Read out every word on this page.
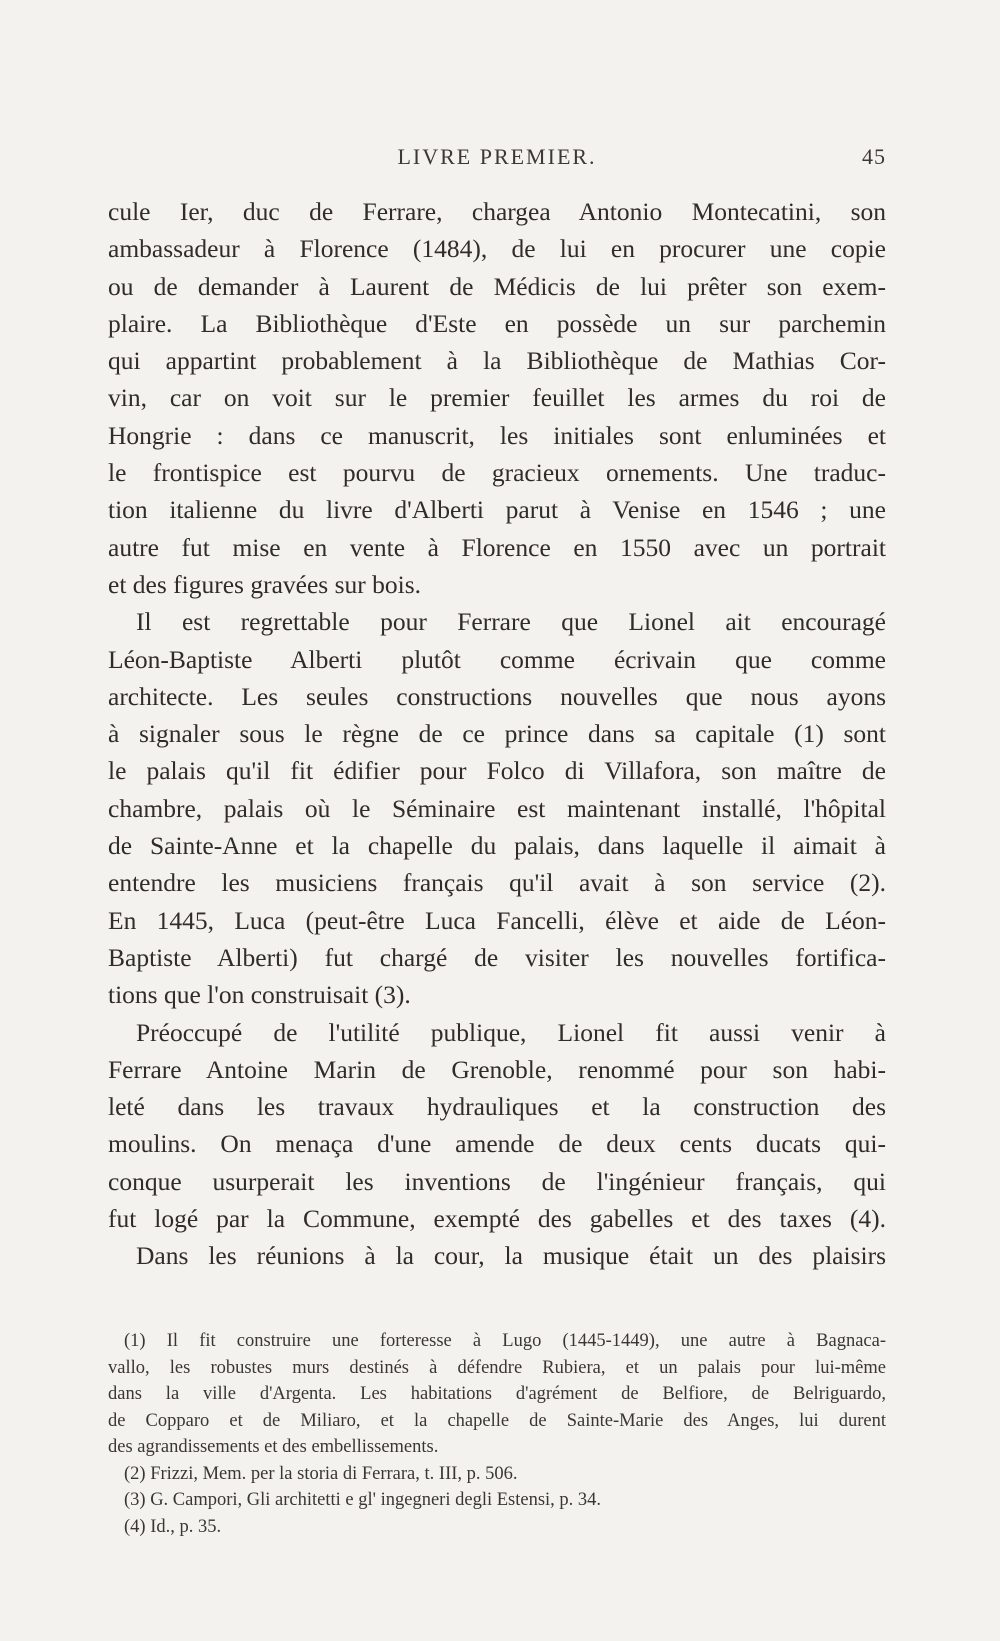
LIVRE PREMIER.	45
cule Ier, duc de Ferrare, chargea Antonio Montecatini, son
ambassadeur à Florence (1484), de lui en procurer une copie
ou de demander à Laurent de Médicis de lui prêter son exem-
plaire. La Bibliothèque d'Este en possède un sur parchemin
qui appartint probablement à la Bibliothèque de Mathias Cor-
vin, car on voit sur le premier feuillet les armes du roi de
Hongrie : dans ce manuscrit, les initiales sont enluminées et
le frontispice est pourvu de gracieux ornements. Une traduc-
tion italienne du livre d'Alberti parut à Venise en 1546 ; une
autre fut mise en vente à Florence en 1550 avec un portrait
et des figures gravées sur bois.
Il est regrettable pour Ferrare que Lionel ait encouragé
Léon-Baptiste Alberti plutôt comme écrivain que comme
architecte. Les seules constructions nouvelles que nous ayons
à signaler sous le règne de ce prince dans sa capitale (1) sont
le palais qu'il fit édifier pour Folco di Villafora, son maître de
chambre, palais où le Séminaire est maintenant installé, l'hôpital
de Sainte-Anne et la chapelle du palais, dans laquelle il aimait à
entendre les musiciens français qu'il avait à son service (2).
En 1445, Luca (peut-être Luca Fancelli, élève et aide de Léon-
Baptiste Alberti) fut chargé de visiter les nouvelles fortifica-
tions que l'on construisait (3).
Préoccupé de l'utilité publique, Lionel fit aussi venir à
Ferrare Antoine Marin de Grenoble, renommé pour son habi-
leté dans les travaux hydrauliques et la construction des
moulins. On menaça d'une amende de deux cents ducats qui-
conque usurperait les inventions de l'ingénieur français, qui
fut logé par la Commune, exempté des gabelles et des taxes (4).
Dans les réunions à la cour, la musique était un des plaisirs
(1) Il fit construire une forteresse à Lugo (1445-1449), une autre à Bagnaca-
vallo, les robustes murs destinés à défendre Rubiera, et un palais pour lui-même
dans la ville d'Argenta. Les habitations d'agrément de Belfiore, de Belriguardo,
de Copparo et de Miliaro, et la chapelle de Sainte-Marie des Anges, lui durent
des agrandissements et des embellissements.
(2) Frizzi, Mem. per la storia di Ferrara, t. III, p. 506.
(3) G. Campori, Gli architetti e gl' ingegneri degli Estensi, p. 34.
(4) Id., p. 35.
